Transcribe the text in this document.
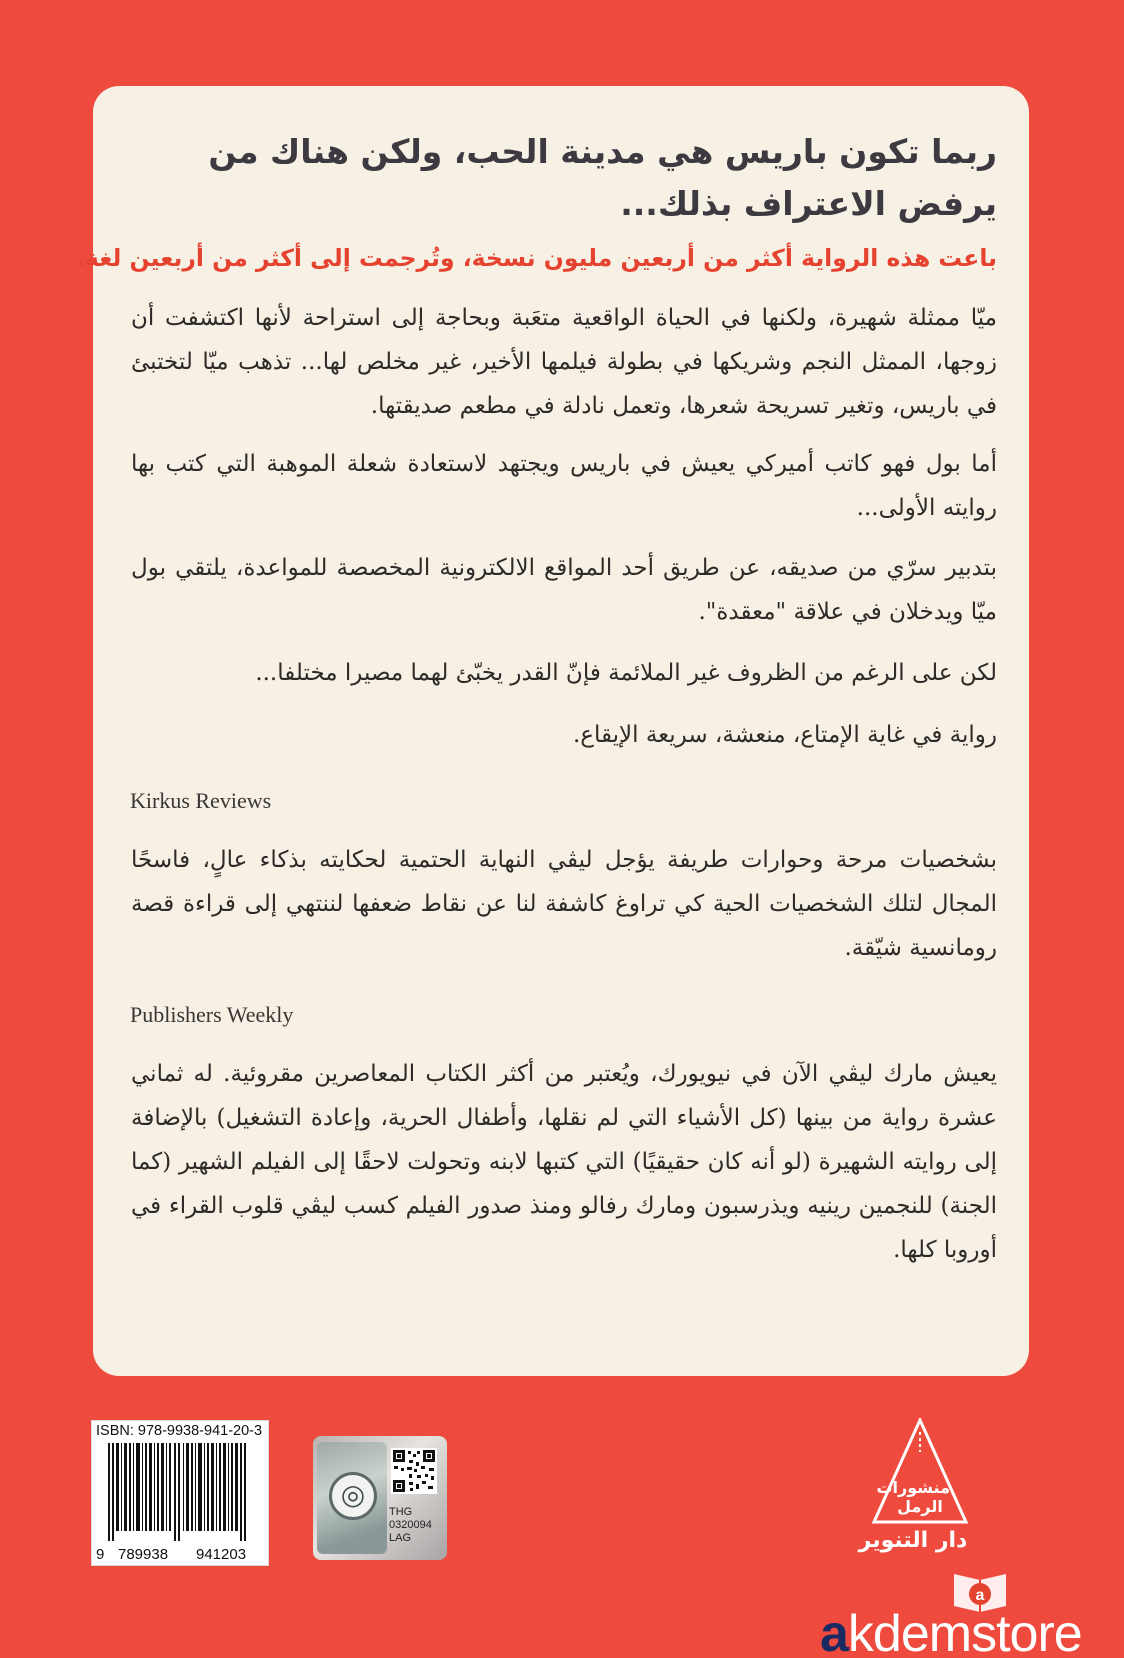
ربما تكون باريس هي مدينة الحب، ولكن هناك من يرفض الاعتراف بذلك...

باعت هذه الرواية أكثر من أربعين مليون نسخة، وتُرجمت إلى أكثر من أربعين لغة.

ميّا ممثلة شهيرة، ولكنها في الحياة الواقعية متعَبة وبحاجة إلى استراحة لأنها اكتشفت أن زوجها، الممثل النجم وشريكها في بطولة فيلمها الأخير، غير مخلص لها... تذهب ميّا لتختبئ في باريس، وتغير تسريحة شعرها، وتعمل نادلة في مطعم صديقتها.

أما بول فهو كاتب أميركي يعيش في باريس ويجتهد لاستعادة شعلة الموهبة التي كتب بها روايته الأولى...

بتدبير سرّي من صديقه، عن طريق أحد المواقع الالكترونية المخصصة للمواعدة، يلتقي بول ميّا ويدخلان في علاقة "معقدة".

لكن على الرغم من الظروف غير الملائمة فإنّ القدر يخبّئ لهما مصيرا مختلفا...

رواية في غاية الإمتاع، منعشة، سريعة الإيقاع.

Kirkus Reviews

بشخصيات مرحة وحوارات طريفة يؤجل ليڤي النهاية الحتمية لحكايته بذكاء عالٍ، فاسحًا المجال لتلك الشخصيات الحية كي تراوغ كاشفة لنا عن نقاط ضعفها لننتهي إلى قراءة قصة رومانسية شيّقة.

Publishers Weekly

يعيش مارك ليڤي الآن في نيويورك، ويُعتبر من أكثر الكتاب المعاصرين مقروئية. له ثماني عشرة رواية من بينها (كل الأشياء التي لم نقلها، وأطفال الحرية، وإعادة التشغيل) بالإضافة إلى روايته الشهيرة (لو أنه كان حقيقيًا) التي كتبها لابنه وتحولت لاحقًا إلى الفيلم الشهير (كما الجنة) للنجمين رينيه ويذرسبون ومارك رفالو ومنذ صدور الفيلم كسب ليڤي قلوب القراء في أوروبا كلها.

ISBN: 978-9938-941-20-3
9 789938 941203
◎
THG
0320094
LAG
منشورات الرمل
دار التنوير
a
akdemstore
